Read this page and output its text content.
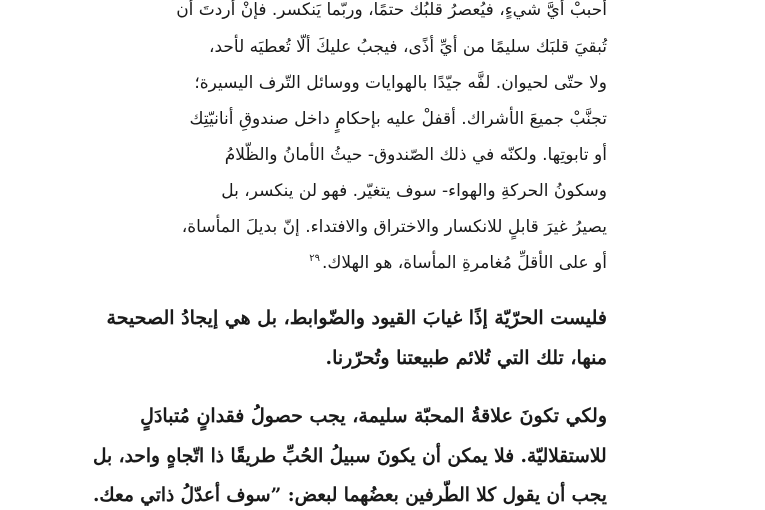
أحببْ أيَّ شيءٍ، فيُعصرُ قلبُك حتمًا، وربّما يَنكسر. فإنْ أردتَ أن
تُبقيَ قلبَك سليمًا من أيِّ أذًى، فيجبُ عليكَ ألّا تُعطيَه لأحد،
ولا حتّى لحيوان. لفَّه جيّدًا بالهوايات ووسائل التّرف اليسيرة؛
تجنَّبْ جميعَ الأشراك. أقفلْ عليه بإحكامٍ داخل صندوقِ أنانيّتِك
أو تابوتِها. ولكنّه في ذلك الصّندوق- حيثُ الأمانُ والظّلامُ
وسكونُ الحركةِ والهواء- سوف يتغيّر. فهو لن ينكسر، بل
يصيرُ غيرَ قابلٍ للانكسار والاختراق والافتداء. إنّ بديلَ المأساة،
أو على الأقلِّ مُغامرةِ المأساة، هو الهلاك.$^{٢٩}$
فليست الحرّيّة إذًا غيابَ القيود والضّوابط، بل هي إيجادُ الصحيحة
منها، تلك التي تُلائم طبيعتنا وتُحرّرنا.
ولكي تكونَ علاقةُ المحبّة سليمة، يجب حصولُ فقدانٍ مُتبادَلٍ
للاستقلاليّة. فلا يمكن أن يكونَ سبيلُ الحُبِّ طريقًا ذا اتّجاهٍ واحد، بل
يجب أن يقول كلا الطّرفين بعضُهما لبعض: ”سوف أعدّلُ ذاتي معك.
